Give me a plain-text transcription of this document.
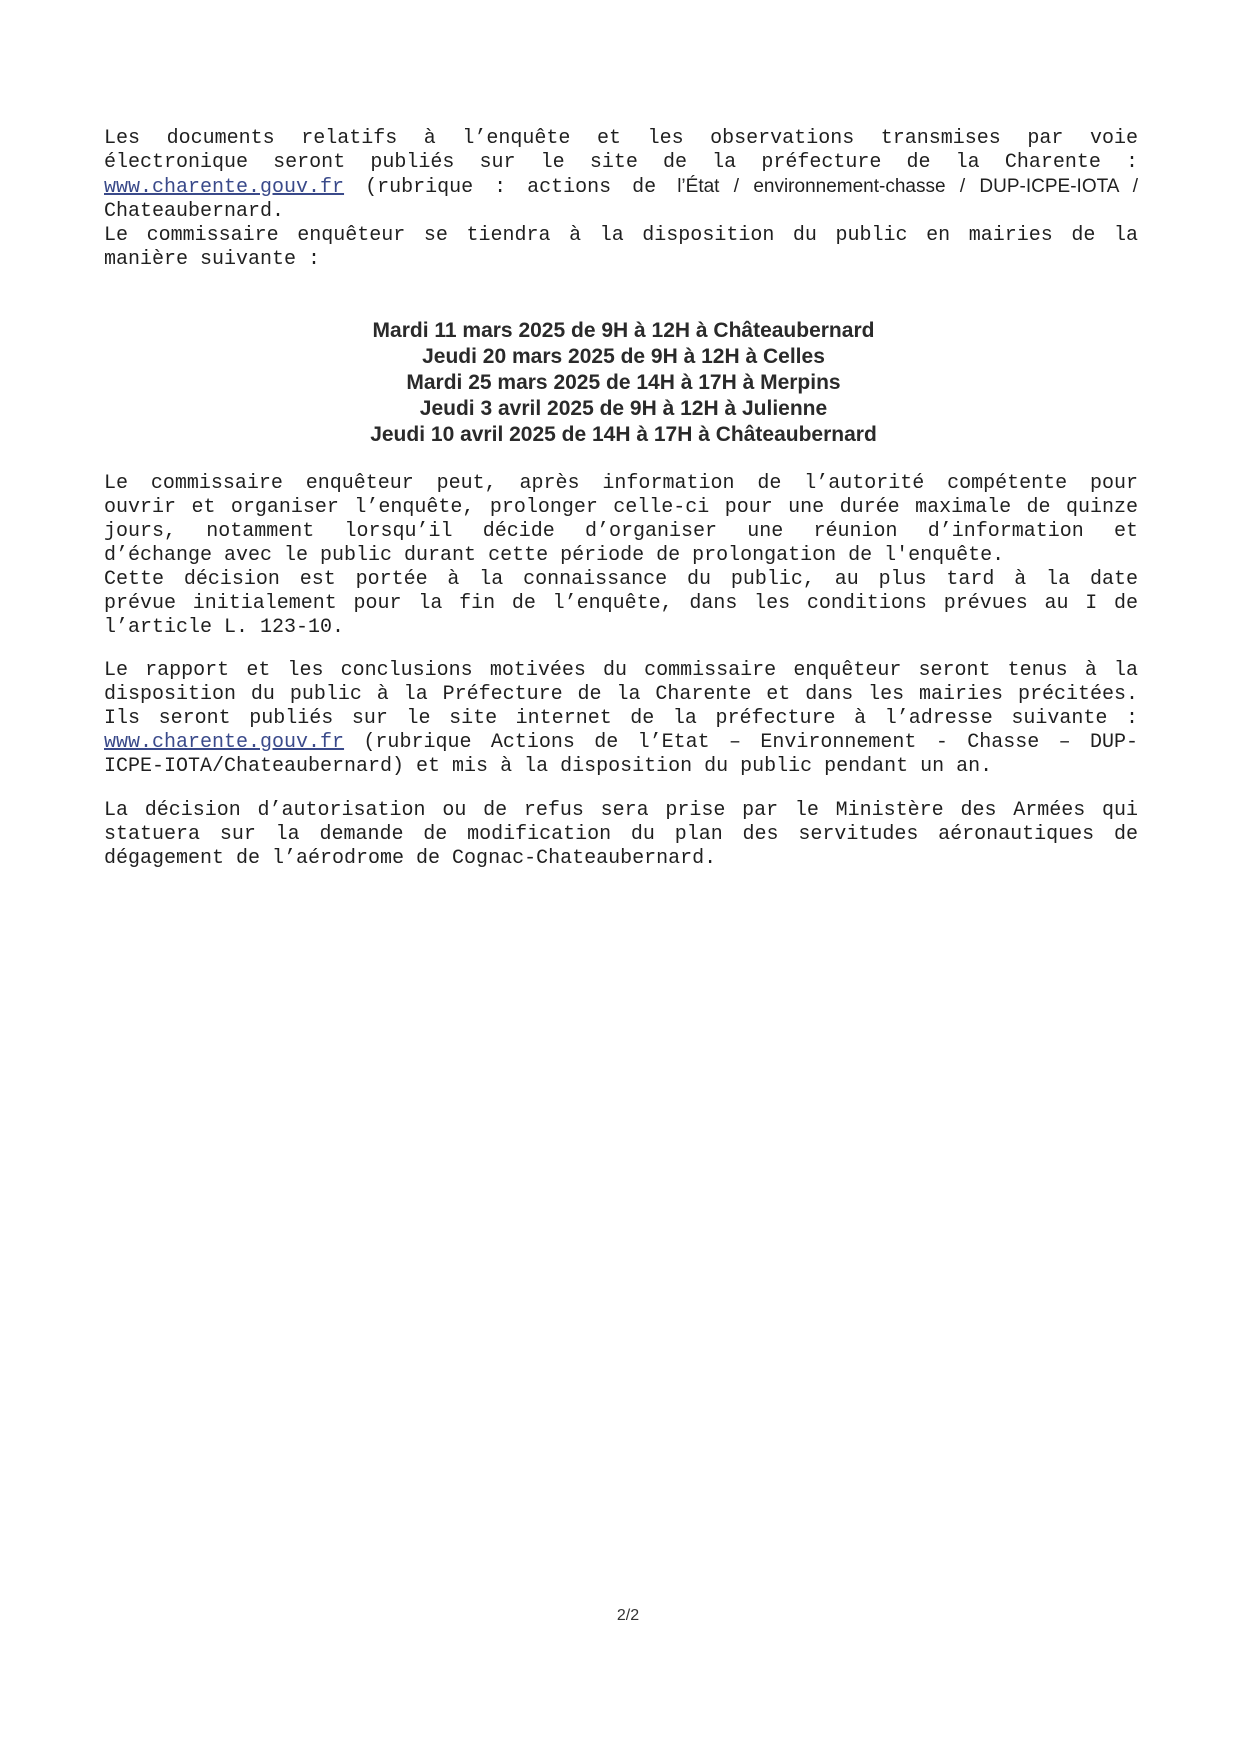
Les documents relatifs à l’enquête et les observations transmises par voie
électronique seront publiés sur le site de la préfecture de la Charente :
www.charente.gouv.fr (rubrique : actions de l’État / environnement-chasse / DUP-ICPE-IOTA /
Chateaubernard.
Le commissaire enquêteur se tiendra à la disposition du public en mairies de la
manière suivante :
Mardi 11 mars 2025 de 9H à 12H à Châteaubernard
Jeudi 20 mars 2025 de 9H à 12H à Celles
Mardi 25 mars 2025 de 14H à 17H à Merpins
Jeudi 3 avril 2025 de 9H à 12H à Julienne
Jeudi 10 avril 2025 de 14H à 17H à Châteaubernard
Le commissaire enquêteur peut, après information de l’autorité compétente pour
ouvrir et organiser l’enquête, prolonger celle-ci pour une durée maximale de quinze
jours, notamment lorsqu’il décide d’organiser une réunion d’information et
d’échange avec le public durant cette période de prolongation de l'enquête.
Cette décision est portée à la connaissance du public, au plus tard à la date
prévue initialement pour la fin de l’enquête, dans les conditions prévues au I de
l’article L. 123-10.
Le rapport et les conclusions motivées du commissaire enquêteur seront tenus à la
disposition du public à la Préfecture de la Charente et dans les mairies précitées.
Ils seront publiés sur le site internet de la préfecture à l’adresse suivante :
www.charente.gouv.fr (rubrique Actions de l’Etat – Environnement - Chasse – DUP-
ICPE-IOTA/Chateaubernard) et mis à la disposition du public pendant un an.
La décision d’autorisation ou de refus sera prise par le Ministère des Armées qui
statuera sur la demande de modification du plan des servitudes aéronautiques de
dégagement de l’aérodrome de Cognac-Chateaubernard.
2/2
